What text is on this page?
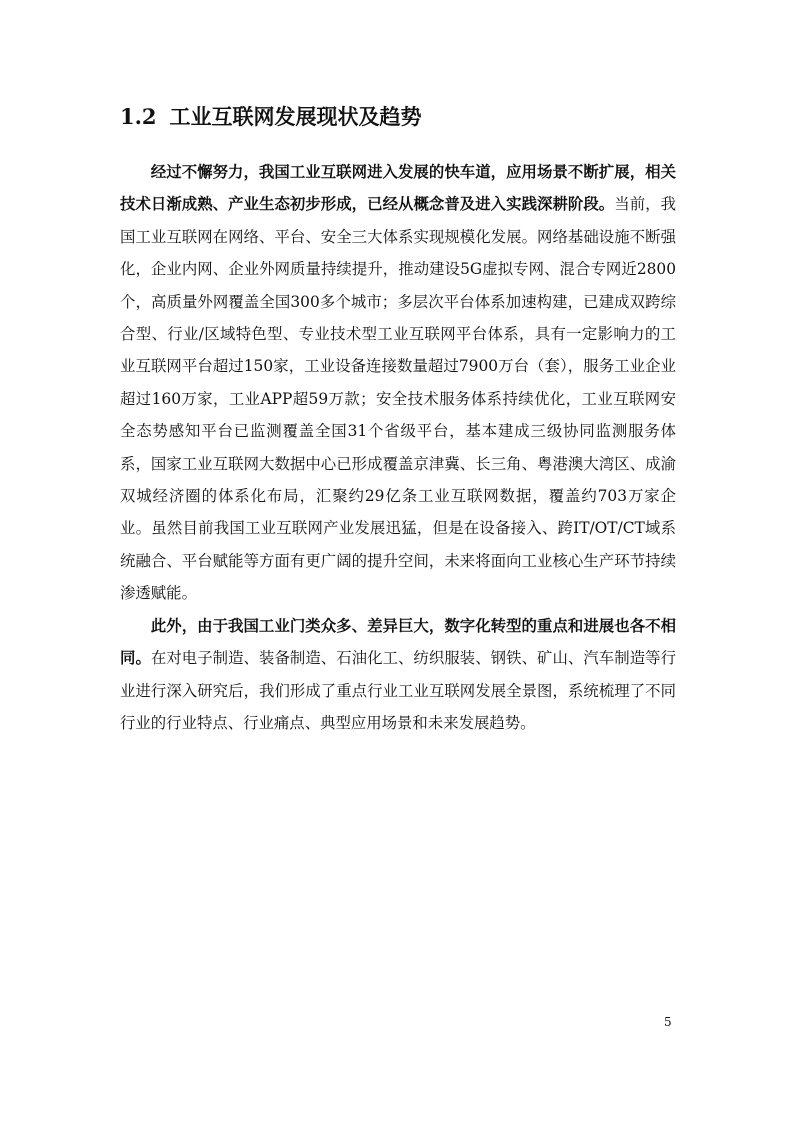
1.2 工业互联网发展现状及趋势

经过不懈努力，我国工业互联网进入发展的快车道，应用场景不断扩展，相关技术日渐成熟、产业生态初步形成，已经从概念普及进入实践深耕阶段。当前，我国工业互联网在网络、平台、安全三大体系实现规模化发展。网络基础设施不断强化，企业内网、企业外网质量持续提升，推动建设5G虚拟专网、混合专网近2800个，高质量外网覆盖全国300多个城市；多层次平台体系加速构建，已建成双跨综合型、行业/区域特色型、专业技术型工业互联网平台体系，具有一定影响力的工业互联网平台超过150家，工业设备连接数量超过7900万台（套），服务工业企业超过160万家，工业APP超59万款；安全技术服务体系持续优化，工业互联网安全态势感知平台已监测覆盖全国31个省级平台，基本建成三级协同监测服务体系，国家工业互联网大数据中心已形成覆盖京津冀、长三角、粤港澳大湾区、成渝双城经济圈的体系化布局，汇聚约29亿条工业互联网数据，覆盖约703万家企业。虽然目前我国工业互联网产业发展迅猛，但是在设备接入、跨IT/OT/CT域系统融合、平台赋能等方面有更广阔的提升空间，未来将面向工业核心生产环节持续渗透赋能。

此外，由于我国工业门类众多、差异巨大，数字化转型的重点和进展也各不相同。在对电子制造、装备制造、石油化工、纺织服装、钢铁、矿山、汽车制造等行业进行深入研究后，我们形成了重点行业工业互联网发展全景图，系统梳理了不同行业的行业特点、行业痛点、典型应用场景和未来发展趋势。

5
